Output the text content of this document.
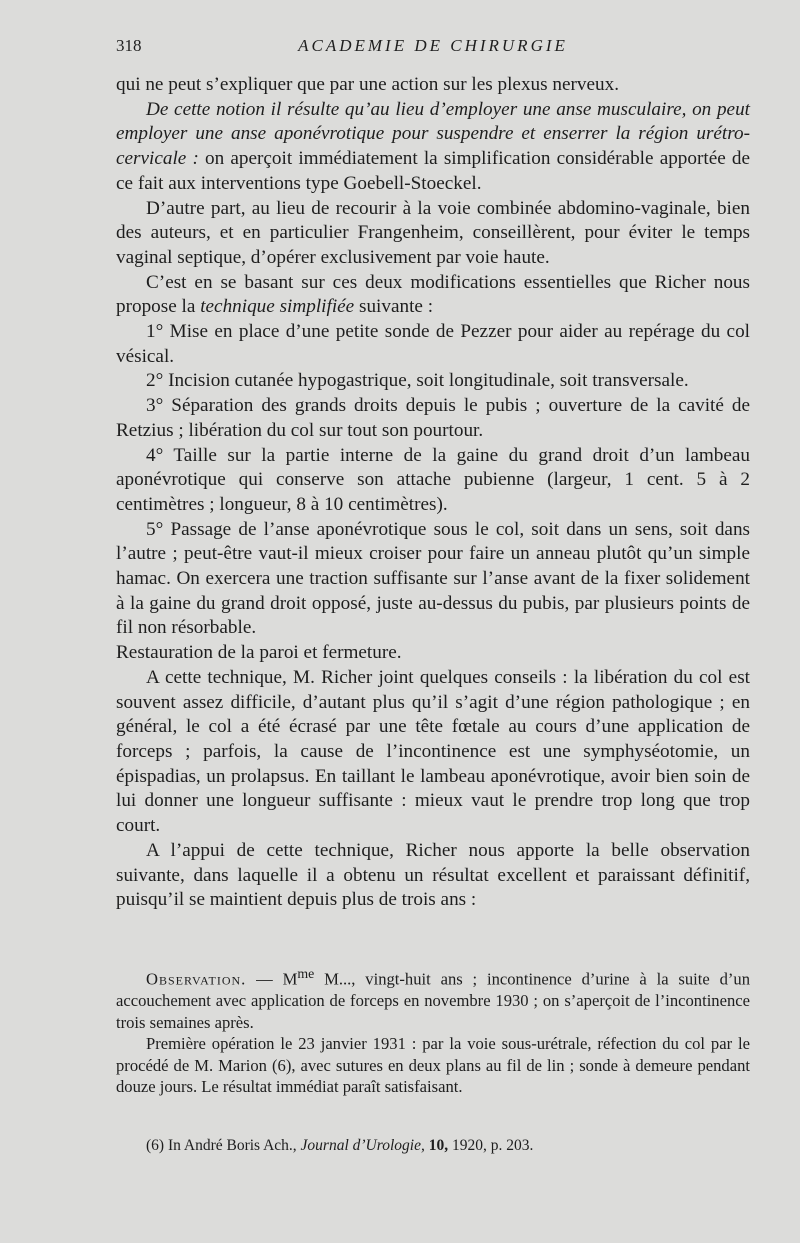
318	ACADEMIE DE CHIRURGIE

qui ne peut s’expliquer que par une action sur les plexus nerveux.

De cette notion il résulte qu’au lieu d’employer une anse musculaire, on peut employer une anse aponévrotique pour suspendre et enserrer la région urétro-cervicale : on aperçoit immédiatement la simplification considérable apportée de ce fait aux interventions type Goebell-Stoeckel.

D’autre part, au lieu de recourir à la voie combinée abdomino-vaginale, bien des auteurs, et en particulier Frangenheim, conseillèrent, pour éviter le temps vaginal septique, d’opérer exclusivement par voie haute.

C’est en se basant sur ces deux modifications essentielles que Richer nous propose la technique simplifiée suivante :

1° Mise en place d’une petite sonde de Pezzer pour aider au repérage du col vésical.

2° Incision cutanée hypogastrique, soit longitudinale, soit transversale.

3° Séparation des grands droits depuis le pubis ; ouverture de la cavité de Retzius ; libération du col sur tout son pourtour.

4° Taille sur la partie interne de la gaine du grand droit d’un lambeau aponévrotique qui conserve son attache pubienne (largeur, 1 cent. 5 à 2 centimètres ; longueur, 8 à 10 centimètres).

5° Passage de l’anse aponévrotique sous le col, soit dans un sens, soit dans l’autre ; peut-être vaut-il mieux croiser pour faire un anneau plutôt qu’un simple hamac. On exercera une traction suffisante sur l’anse avant de la fixer solidement à la gaine du grand droit opposé, juste au-dessus du pubis, par plusieurs points de fil non résorbable.

Restauration de la paroi et fermeture.

A cette technique, M. Richer joint quelques conseils : la libération du col est souvent assez difficile, d’autant plus qu’il s’agit d’une région pathologique ; en général, le col a été écrasé par une tête fœtale au cours d’une application de forceps ; parfois, la cause de l’incontinence est une symphyséotomie, un épispadias, un prolapsus. En taillant le lambeau aponévrotique, avoir bien soin de lui donner une longueur suffisante : mieux vaut le prendre trop long que trop court.

A l’appui de cette technique, Richer nous apporte la belle observation suivante, dans laquelle il a obtenu un résultat excellent et paraissant définitif, puisqu’il se maintient depuis plus de trois ans :

Observation. — $M^{me}$ M..., vingt-huit ans ; incontinence d’urine à la suite d’un accouchement avec application de forceps en novembre 1930 ; on s’aperçoit de l’incontinence trois semaines après.

Première opération le 23 janvier 1931 : par la voie sous-urétrale, réfection du col par le procédé de M. Marion (6), avec sutures en deux plans au fil de lin ; sonde à demeure pendant douze jours. Le résultat immédiat paraît satisfaisant.

(6) In André Boris Ach., Journal d’Urologie, 10, 1920, p. 203.
